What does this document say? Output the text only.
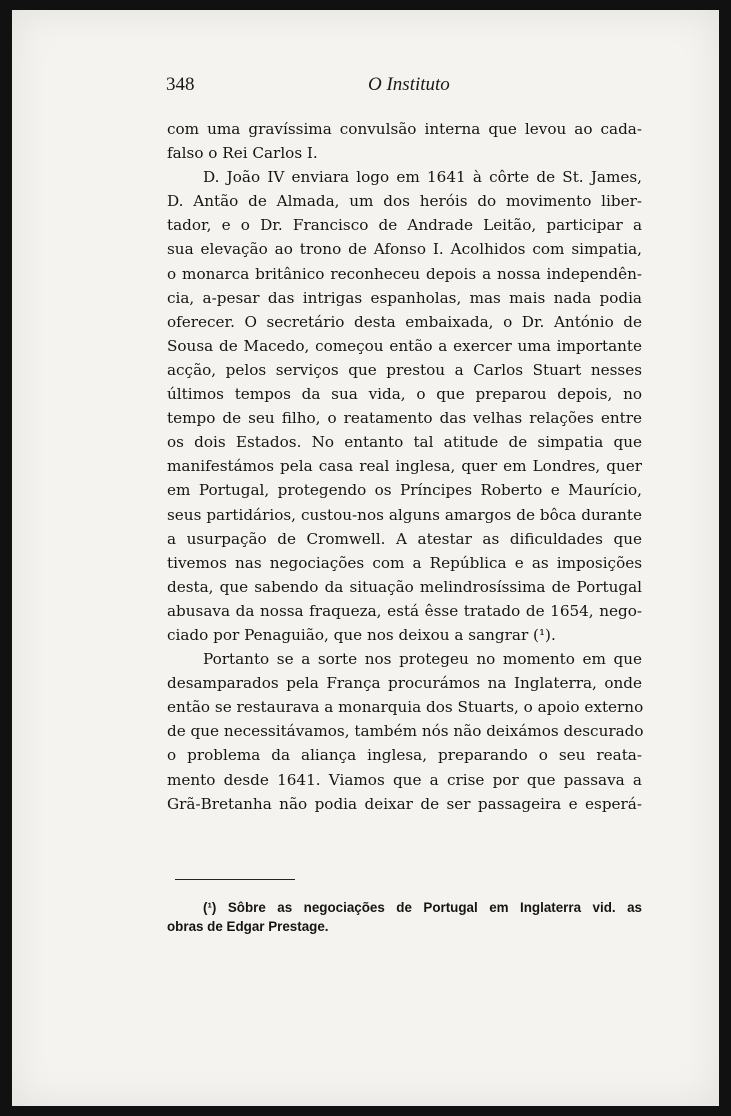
348	O Instituto
com uma gravíssima convulsão interna que levou ao cada-
falso o Rei Carlos I.
D. João IV enviara logo em 1641 à côrte de St. James,
D. Antão de Almada, um dos heróis do movimento liber-
tador, e o Dr. Francisco de Andrade Leitão, participar a
sua elevação ao trono de Afonso I. Acolhidos com simpatia,
o monarca britânico reconheceu depois a nossa independên-
cia, a-pesar das intrigas espanholas, mas mais nada podia
oferecer. O secretário desta embaixada, o Dr. António de
Sousa de Macedo, começou então a exercer uma importante
acção, pelos serviços que prestou a Carlos Stuart nesses
últimos tempos da sua vida, o que preparou depois, no
tempo de seu filho, o reatamento das velhas relações entre
os dois Estados. No entanto tal atitude de simpatia que
manifestámos pela casa real inglesa, quer em Londres, quer
em Portugal, protegendo os Príncipes Roberto e Maurício,
seus partidários, custou-nos alguns amargos de bôca durante
a usurpação de Cromwell. A atestar as dificuldades que
tivemos nas negociações com a República e as imposições
desta, que sabendo da situação melindrosíssima de Portugal
abusava da nossa fraqueza, está êsse tratado de 1654, nego-
ciado por Penaguião, que nos deixou a sangrar (¹).
Portanto se a sorte nos protegeu no momento em que
desamparados pela França procurámos na Inglaterra, onde
então se restaurava a monarquia dos Stuarts, o apoio externo
de que necessitávamos, também nós não deixámos descurado
o problema da aliança inglesa, preparando o seu reata-
mento desde 1641. Viamos que a crise por que passava a
Grã-Bretanha não podia deixar de ser passageira e esperá-
(¹) Sôbre as negociações de Portugal em Inglaterra vid. as
obras de Edgar Prestage.
